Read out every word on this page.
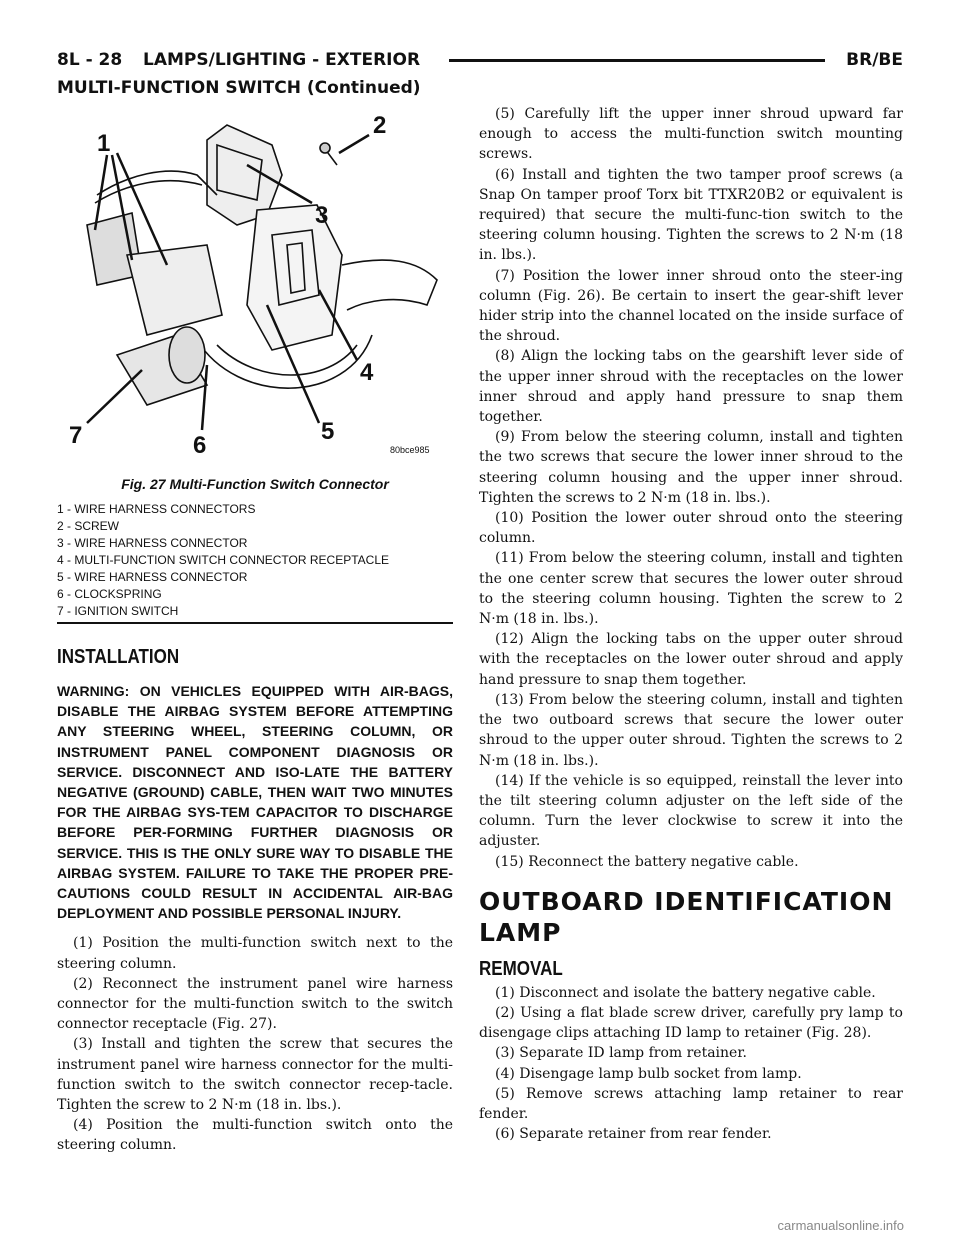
8L - 28 LAMPS/LIGHTING - EXTERIOR	BR/BE
MULTI-FUNCTION SWITCH (Continued)
1
2
3
4
5
6
7
80bce985
Fig. 27 Multi-Function Switch Connector
1 - WIRE HARNESS CONNECTORS
2 - SCREW
3 - WIRE HARNESS CONNECTOR
4 - MULTI-FUNCTION SWITCH CONNECTOR RECEPTACLE
5 - WIRE HARNESS CONNECTOR
6 - CLOCKSPRING
7 - IGNITION SWITCH
INSTALLATION
WARNING: ON VEHICLES EQUIPPED WITH AIR-BAGS, DISABLE THE AIRBAG SYSTEM BEFORE ATTEMPTING ANY STEERING WHEEL, STEERING COLUMN, OR INSTRUMENT PANEL COMPONENT DIAGNOSIS OR SERVICE. DISCONNECT AND ISO-LATE THE BATTERY NEGATIVE (GROUND) CABLE, THEN WAIT TWO MINUTES FOR THE AIRBAG SYS-TEM CAPACITOR TO DISCHARGE BEFORE PER-FORMING FURTHER DIAGNOSIS OR SERVICE. THIS IS THE ONLY SURE WAY TO DISABLE THE AIRBAG SYSTEM. FAILURE TO TAKE THE PROPER PRE-CAUTIONS COULD RESULT IN ACCIDENTAL AIR-BAG DEPLOYMENT AND POSSIBLE PERSONAL INJURY.

(1) Position the multi-function switch next to the steering column.

(2) Reconnect the instrument panel wire harness connector for the multi-function switch to the switch connector receptacle (Fig. 27).

(3) Install and tighten the screw that secures the instrument panel wire harness connector for the multi-function switch to the switch connector recep-tacle. Tighten the screw to 2 N·m (18 in. lbs.).

(4) Position the multi-function switch onto the steering column.

(5) Carefully lift the upper inner shroud upward far enough to access the multi-function switch mounting screws.

(6) Install and tighten the two tamper proof screws (a Snap On tamper proof Torx bit TTXR20B2 or equivalent is required) that secure the multi-func-tion switch to the steering column housing. Tighten the screws to 2 N·m (18 in. lbs.).

(7) Position the lower inner shroud onto the steer-ing column (Fig. 26). Be certain to insert the gear-shift lever hider strip into the channel located on the inside surface of the shroud.

(8) Align the locking tabs on the gearshift lever side of the upper inner shroud with the receptacles on the lower inner shroud and apply hand pressure to snap them together.

(9) From below the steering column, install and tighten the two screws that secure the lower inner shroud to the steering column housing and the upper inner shroud. Tighten the screws to 2 N·m (18 in. lbs.).

(10) Position the lower outer shroud onto the steering column.

(11) From below the steering column, install and tighten the one center screw that secures the lower outer shroud to the steering column housing. Tighten the screw to 2 N·m (18 in. lbs.).

(12) Align the locking tabs on the upper outer shroud with the receptacles on the lower outer shroud and apply hand pressure to snap them together.

(13) From below the steering column, install and tighten the two outboard screws that secure the lower outer shroud to the upper outer shroud. Tighten the screws to 2 N·m (18 in. lbs.).

(14) If the vehicle is so equipped, reinstall the lever into the tilt steering column adjuster on the left side of the column. Turn the lever clockwise to screw it into the adjuster.

(15) Reconnect the battery negative cable.

OUTBOARD IDENTIFICATION LAMP
REMOVAL

(1) Disconnect and isolate the battery negative cable.

(2) Using a flat blade screw driver, carefully pry lamp to disengage clips attaching ID lamp to retainer (Fig. 28).

(3) Separate ID lamp from retainer.

(4) Disengage lamp bulb socket from lamp.

(5) Remove screws attaching lamp retainer to rear fender.

(6) Separate retainer from rear fender.

carmanualsonline.info
